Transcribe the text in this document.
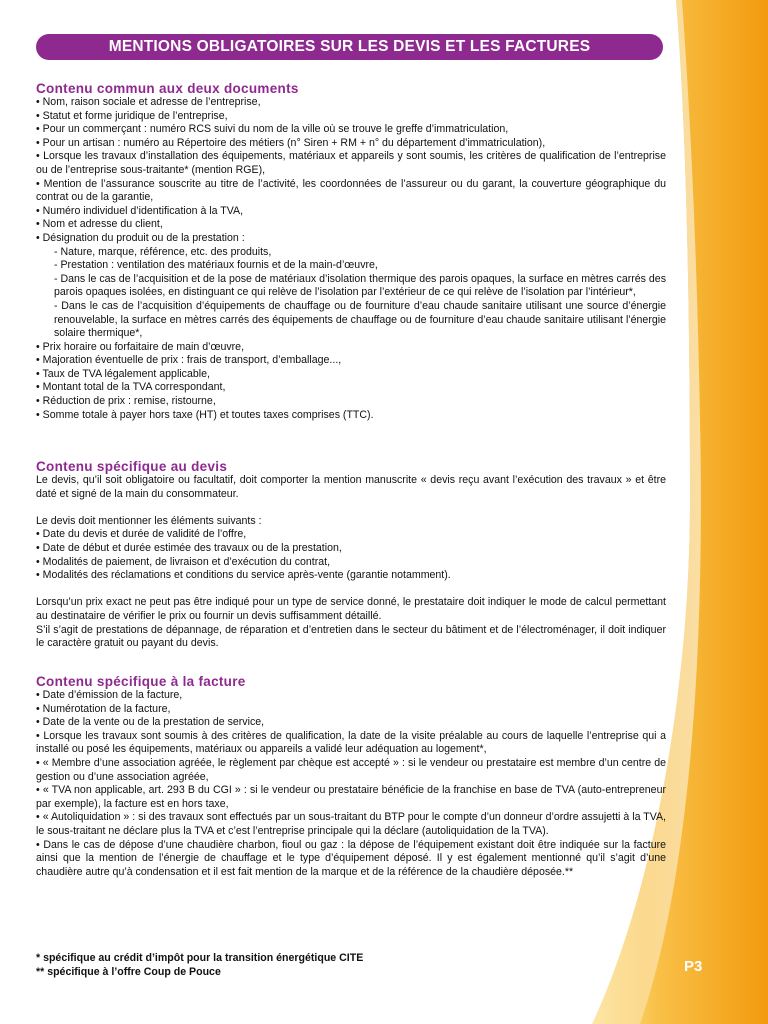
MENTIONS OBLIGATOIRES SUR LES DEVIS ET LES FACTURES
Contenu commun aux deux documents
• Nom, raison sociale et adresse de l’entreprise,
• Statut et forme juridique de l’entreprise,
• Pour un commerçant : numéro RCS suivi du nom de la ville où se trouve le greffe d’immatriculation,
• Pour un artisan : numéro au Répertoire des métiers (n° Siren + RM + n° du département d’immatriculation),
• Lorsque les travaux d’installation des équipements, matériaux et appareils y sont soumis, les critères de qualification de l’entreprise ou de l’entreprise sous-traitante* (mention RGE),
• Mention de l’assurance souscrite au titre de l’activité, les coordonnées de l’assureur ou du garant, la couverture géographique du contrat ou de la garantie,
• Numéro individuel d’identification à la TVA,
• Nom et adresse du client,
• Désignation du produit ou de la prestation :
- Nature, marque, référence, etc. des produits,
- Prestation : ventilation des matériaux fournis et de la main-d’œuvre,
- Dans le cas de l’acquisition et de la pose de matériaux d’isolation thermique des parois opaques, la surface en mètres carrés des parois opaques isolées, en distinguant ce qui relève de l’isolation par l’extérieur de ce qui relève de l’isolation par l’intérieur*,
- Dans le cas de l’acquisition d’équipements de chauffage ou de fourniture d’eau chaude sanitaire utilisant une source d’énergie renouvelable, la surface en mètres carrés des équipements de chauffage ou de fourniture d’eau chaude sanitaire utilisant l’énergie solaire thermique*,
• Prix horaire ou forfaitaire de main d’œuvre,
• Majoration éventuelle de prix : frais de transport, d’emballage...,
• Taux de TVA légalement applicable,
• Montant total de la TVA correspondant,
• Réduction de prix : remise, ristourne,
• Somme totale à payer hors taxe (HT) et toutes taxes comprises (TTC).
Contenu spécifique au devis

Le devis, qu’il soit obligatoire ou facultatif, doit comporter la mention manuscrite « devis reçu avant l’exécution des travaux » et être daté et signé de la main du consommateur.

Le devis doit mentionner les éléments suivants :

• Date du devis et durée de validité de l’offre,
• Date de début et durée estimée des travaux ou de la prestation,
• Modalités de paiement, de livraison et d’exécution du contrat,
• Modalités des réclamations et conditions du service après-vente (garantie notamment).

Lorsqu’un prix exact ne peut pas être indiqué pour un type de service donné, le prestataire doit indiquer le mode de calcul permettant au destinataire de vérifier le prix ou fournir un devis suffisamment détaillé.

S’il s’agit de prestations de dépannage, de réparation et d’entretien dans le secteur du bâtiment et de l’électroménager, il doit indiquer le caractère gratuit ou payant du devis.

Contenu spécifique à la facture
• Date d’émission de la facture,
• Numérotation de la facture,
• Date de la vente ou de la prestation de service,
• Lorsque les travaux sont soumis à des critères de qualification, la date de la visite préalable au cours de laquelle l’entreprise qui a installé ou posé les équipements, matériaux ou appareils a validé leur adéquation au logement*,
• « Membre d’une association agréée, le règlement par chèque est accepté » : si le vendeur ou prestataire est membre d’un centre de gestion ou d’une association agréée,
• « TVA non applicable, art. 293 B du CGI » : si le vendeur ou prestataire bénéficie de la franchise en base de TVA (auto-entrepreneur par exemple), la facture est en hors taxe,
• « Autoliquidation » : si des travaux sont effectués par un sous-traitant du BTP pour le compte d’un donneur d’ordre assujetti à la TVA, le sous-traitant ne déclare plus la TVA et c’est l’entreprise principale qui la déclare (autoliquidation de la TVA).
• Dans le cas de dépose d’une chaudière charbon, fioul ou gaz : la dépose de l’équipement existant doit être indiquée sur la facture ainsi que la mention de l’énergie de chauffage et le type d’équipement déposé. Il y est également mentionné qu’il s’agit d’une chaudière autre qu’à condensation et il est fait mention de la marque et de la référence de la chaudière déposée.**
* spécifique au crédit d’impôt pour la transition énergétique CITE
** spécifique à l’offre Coup de Pouce	P3
